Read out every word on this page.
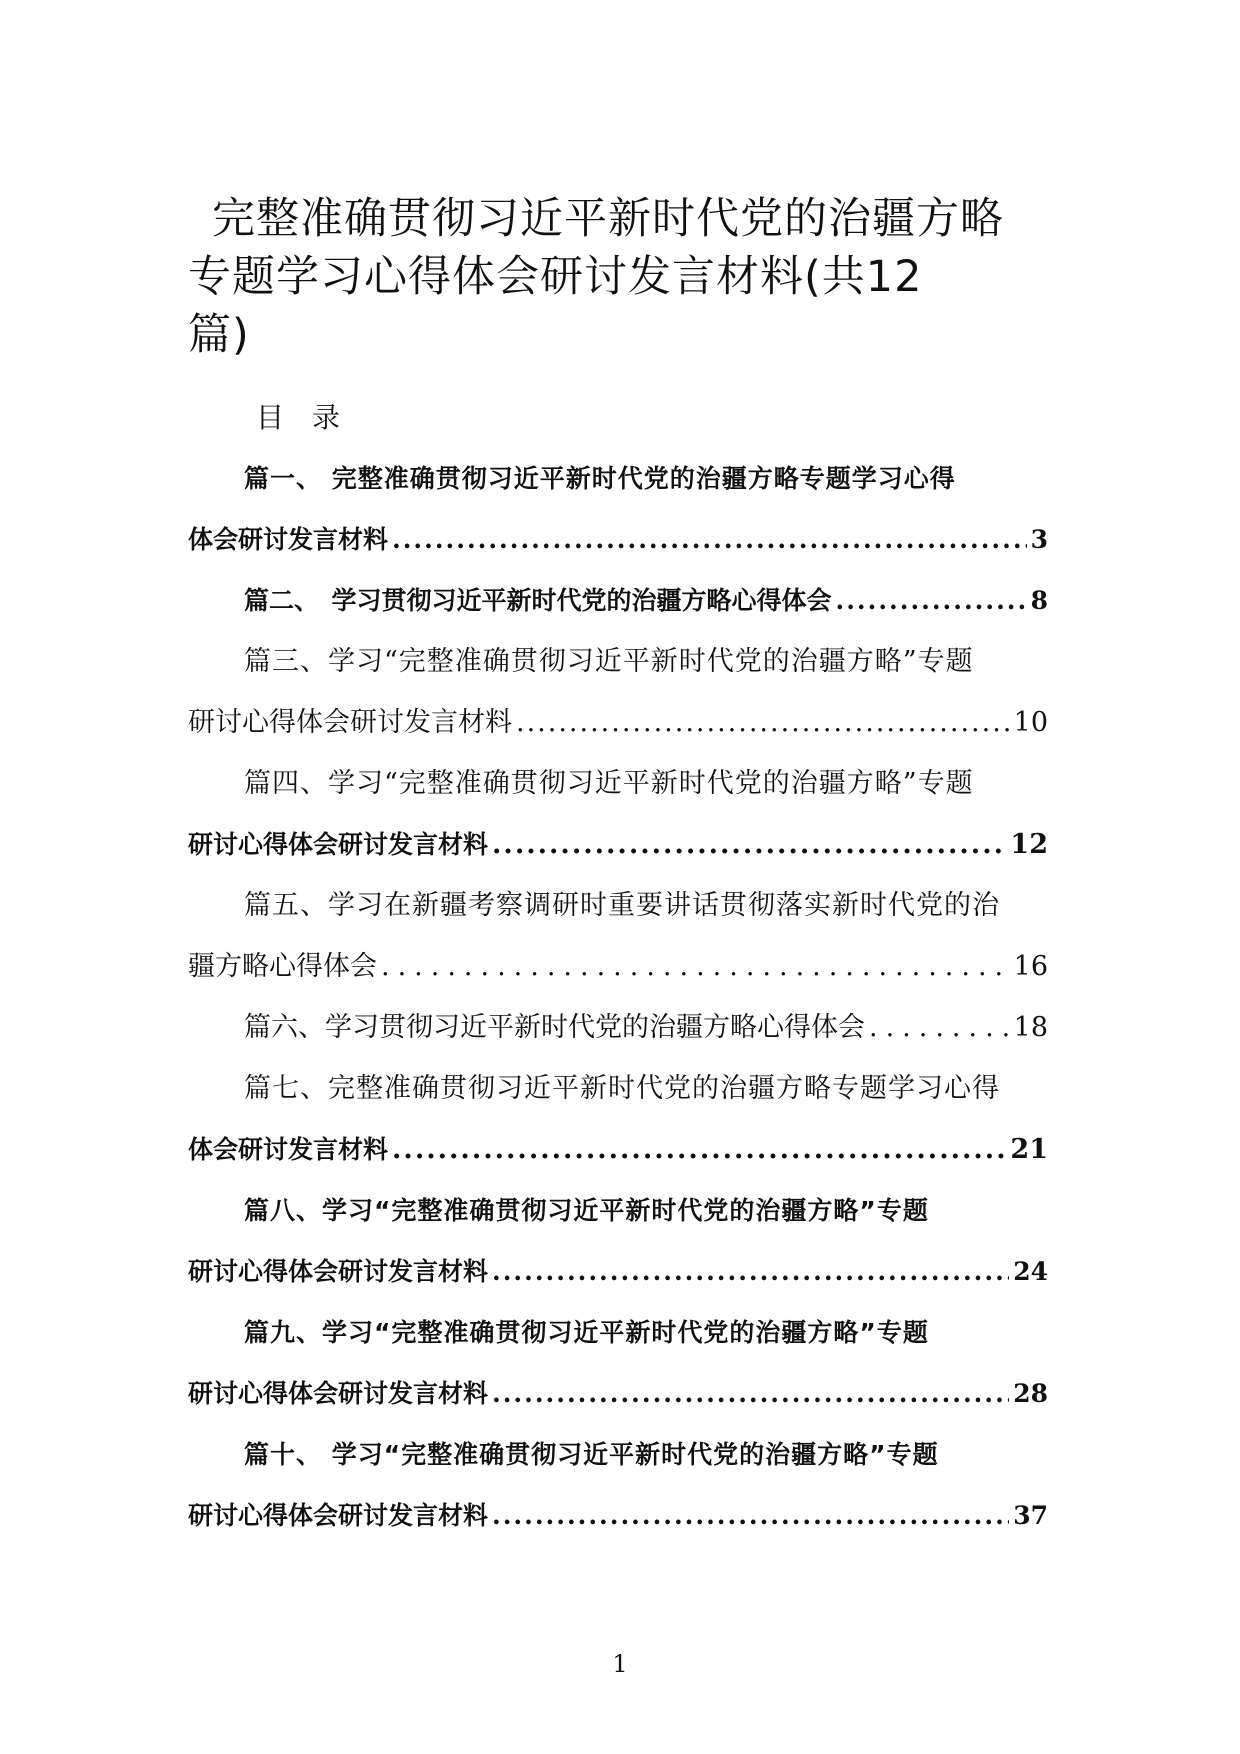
完整准确贯彻习近平新时代党的治疆方略
专题学习心得体会研讨发言材料(共12
篇)
目录
篇一、 完整准确贯彻习近平新时代党的治疆方略专题学习心得
体会研讨发言材料 .....	3
篇二、　学习贯彻习近平新时代党的治疆方略心得体会 .....	8
篇三、学习“完整准确贯彻习近平新时代党的治疆方略”专题
研讨心得体会研讨发言材料 .....	10
篇四、学习“完整准确贯彻习近平新时代党的治疆方略”专题
研讨心得体会研讨发言材料 .....	12
篇五、学习在新疆考察调研时重要讲话贯彻落实新时代党的治
疆方略心得体会 .....	16
篇六、学习贯彻习近平新时代党的治疆方略心得体会 .....	18
篇七、完整准确贯彻习近平新时代党的治疆方略专题学习心得
体会研讨发言材料 .....	21
篇八、学习“完整准确贯彻习近平新时代党的治疆方略”专题
研讨心得体会研讨发言材料 .....	24
篇九、学习“完整准确贯彻习近平新时代党的治疆方略”专题
研讨心得体会研讨发言材料 .....	28
篇十、 学习“完整准确贯彻习近平新时代党的治疆方略”专题
研讨心得体会研讨发言材料 .....	37
1
